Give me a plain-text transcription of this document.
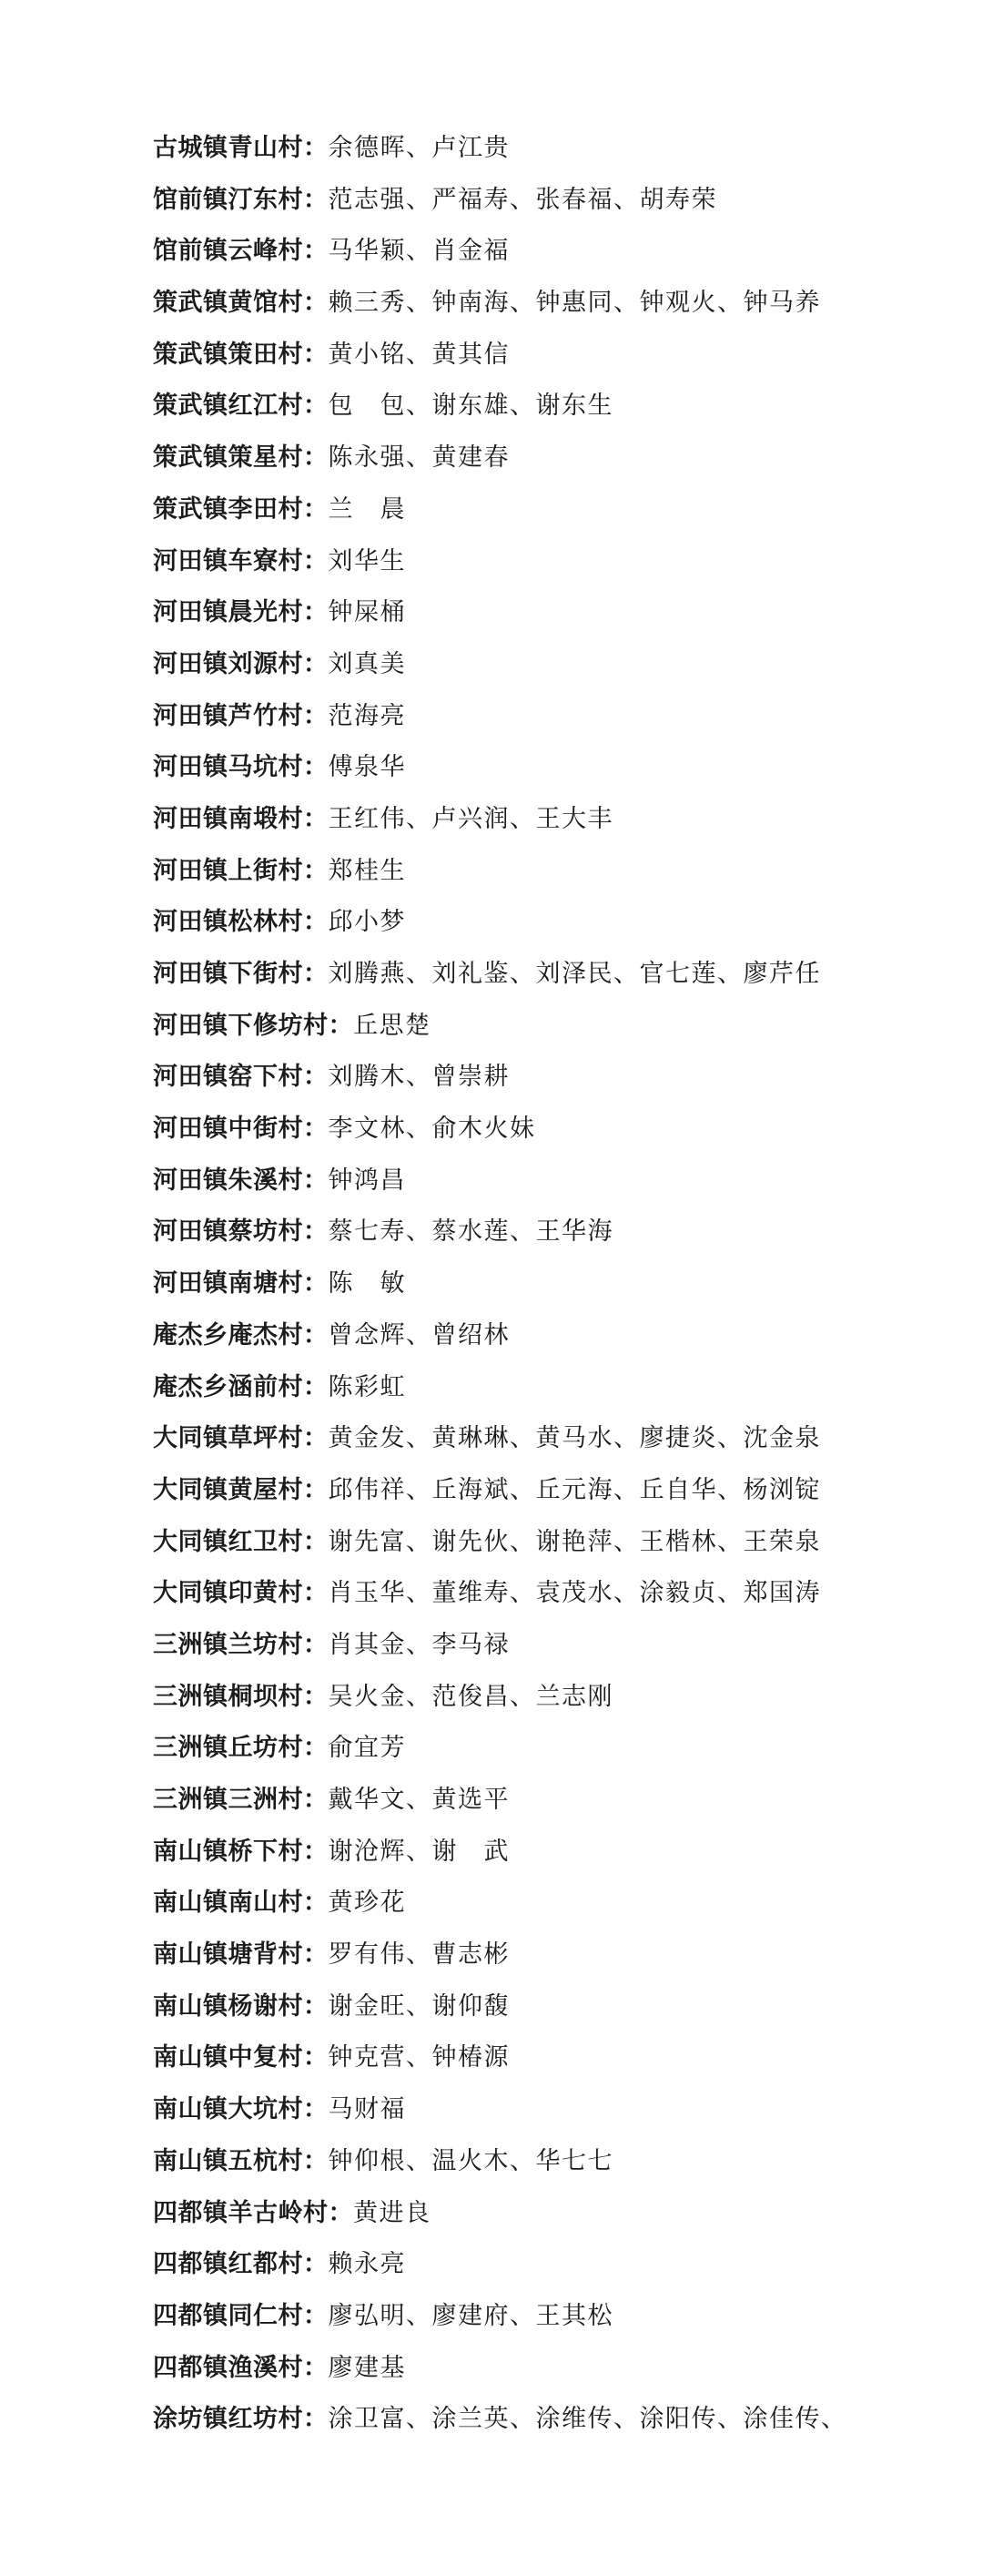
古城镇青山村：余德晖、卢江贵
馆前镇汀东村：范志强、严福寿、张春福、胡寿荣
馆前镇云峰村：马华颖、肖金福
策武镇黄馆村：赖三秀、钟南海、钟惠同、钟观火、钟马养
策武镇策田村：黄小铭、黄其信
策武镇红江村：包　包、谢东雄、谢东生
策武镇策星村：陈永强、黄建春
策武镇李田村：兰　晨
河田镇车寮村：刘华生
河田镇晨光村：钟屎桶
河田镇刘源村：刘真美
河田镇芦竹村：范海亮
河田镇马坑村：傅泉华
河田镇南塅村：王红伟、卢兴润、王大丰
河田镇上街村：郑桂生
河田镇松林村：邱小梦
河田镇下街村：刘腾燕、刘礼鉴、刘泽民、官七莲、廖芹任
河田镇下修坊村：丘思楚
河田镇窑下村：刘腾木、曾崇耕
河田镇中街村：李文林、俞木火妹
河田镇朱溪村：钟鸿昌
河田镇蔡坊村：蔡七寿、蔡水莲、王华海
河田镇南塘村：陈　敏
庵杰乡庵杰村：曾念辉、曾绍林
庵杰乡涵前村：陈彩虹
大同镇草坪村：黄金发、黄琳琳、黄马水、廖捷炎、沈金泉
大同镇黄屋村：邱伟祥、丘海斌、丘元海、丘自华、杨浏锭
大同镇红卫村：谢先富、谢先伙、谢艳萍、王楷林、王荣泉
大同镇印黄村：肖玉华、董维寿、袁茂水、涂毅贞、郑国涛
三洲镇兰坊村：肖其金、李马禄
三洲镇桐坝村：吴火金、范俊昌、兰志刚
三洲镇丘坊村：俞宜芳
三洲镇三洲村：戴华文、黄选平
南山镇桥下村：谢沧辉、谢　武
南山镇南山村：黄珍花
南山镇塘背村：罗有伟、曹志彬
南山镇杨谢村：谢金旺、谢仰馥
南山镇中复村：钟克营、钟椿源
南山镇大坑村：马财福
南山镇五杭村：钟仰根、温火木、华七七
四都镇羊古岭村：黄进良
四都镇红都村：赖永亮
四都镇同仁村：廖弘明、廖建府、王其松
四都镇渔溪村：廖建基
涂坊镇红坊村：涂卫富、涂兰英、涂维传、涂阳传、涂佳传、
